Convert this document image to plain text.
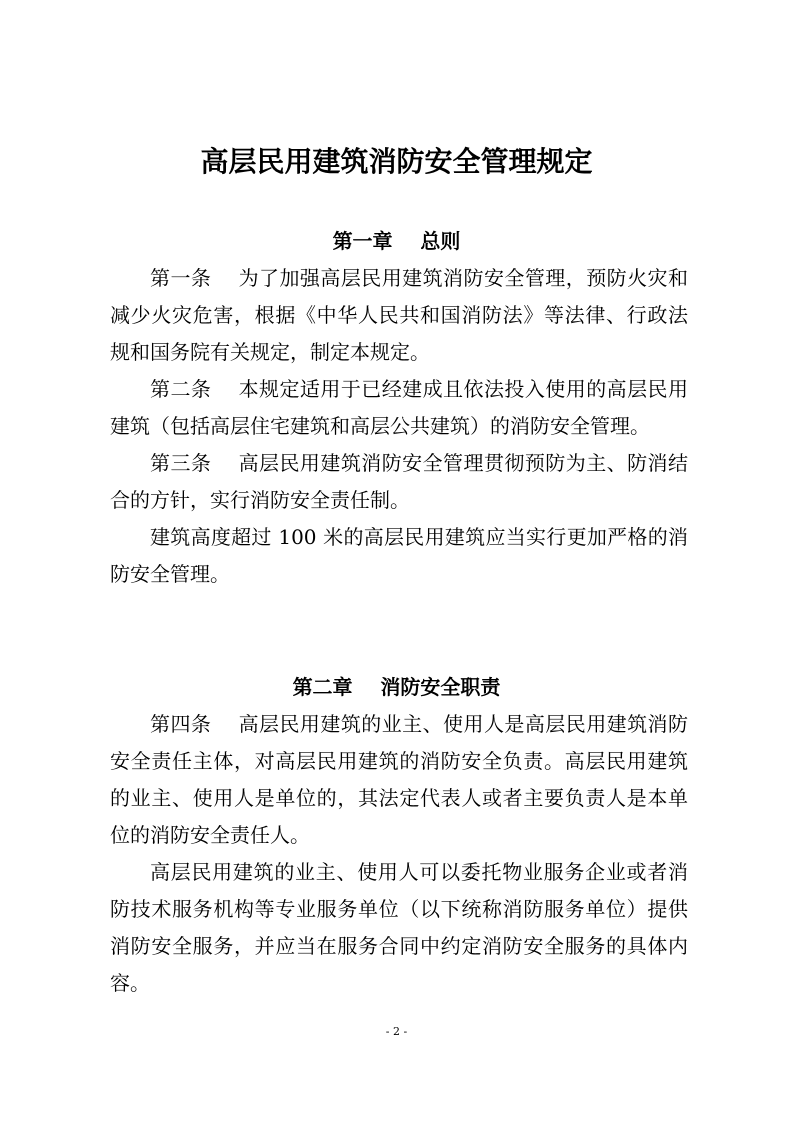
高层民用建筑消防安全管理规定
第一章    总则

第一条    为了加强高层民用建筑消防安全管理，预防火灾和减少火灾危害，根据《中华人民共和国消防法》等法律、行政法规和国务院有关规定，制定本规定。

第二条    本规定适用于已经建成且依法投入使用的高层民用建筑（包括高层住宅建筑和高层公共建筑）的消防安全管理。

第三条    高层民用建筑消防安全管理贯彻预防为主、防消结合的方针，实行消防安全责任制。

建筑高度超过 100 米的高层民用建筑应当实行更加严格的消防安全管理。

第二章    消防安全职责

第四条    高层民用建筑的业主、使用人是高层民用建筑消防安全责任主体，对高层民用建筑的消防安全负责。高层民用建筑的业主、使用人是单位的，其法定代表人或者主要负责人是本单位的消防安全责任人。

高层民用建筑的业主、使用人可以委托物业服务企业或者消防技术服务机构等专业服务单位（以下统称消防服务单位）提供消防安全服务，并应当在服务合同中约定消防安全服务的具体内容。

- 2 -
